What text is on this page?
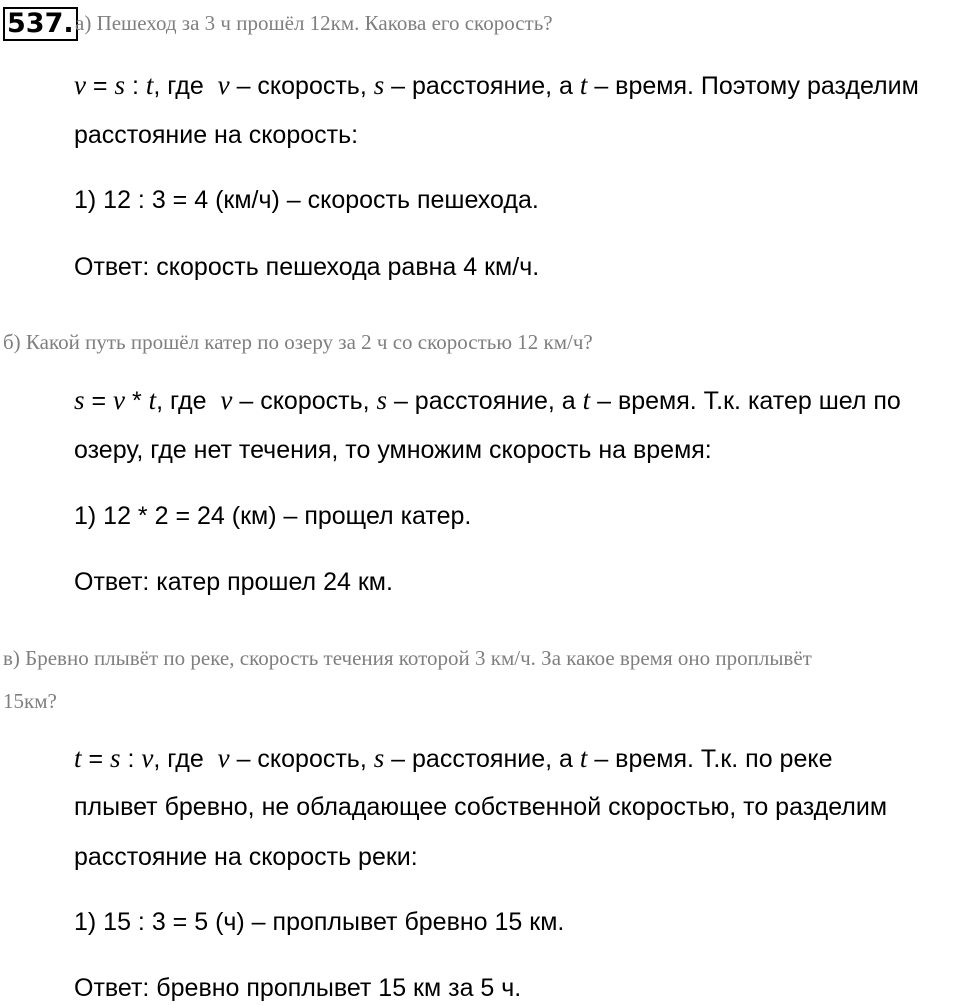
537. а) Пешеход за 3 ч прошёл 12км. Какова его скорость?
v = s : t, где  v – скорость, s – расстояние, а t – время. Поэтому разделим
расстояние на скорость:
1) 12 : 3 = 4 (км/ч) – скорость пешехода.
Ответ: скорость пешехода равна 4 км/ч.
б) Какой путь прошёл катер по озеру за 2 ч со скоростью 12 км/ч?
s = v * t, где  v – скорость, s – расстояние, а t – время. Т.к. катер шел по
озеру, где нет течения, то умножим скорость на время:
1) 12 * 2 = 24 (км) – прощел катер.
Ответ: катер прошел 24 км.
в) Бревно плывёт по реке, скорость течения которой 3 км/ч. За какое время оно проплывёт
15км?
t = s : v, где  v – скорость, s – расстояние, а t – время. Т.к. по реке
плывет бревно, не обладающее собственной скоростью, то разделим
расстояние на скорость реки:
1) 15 : 3 = 5 (ч) – проплывет бревно 15 км.
Ответ: бревно проплывет 15 км за 5 ч.
